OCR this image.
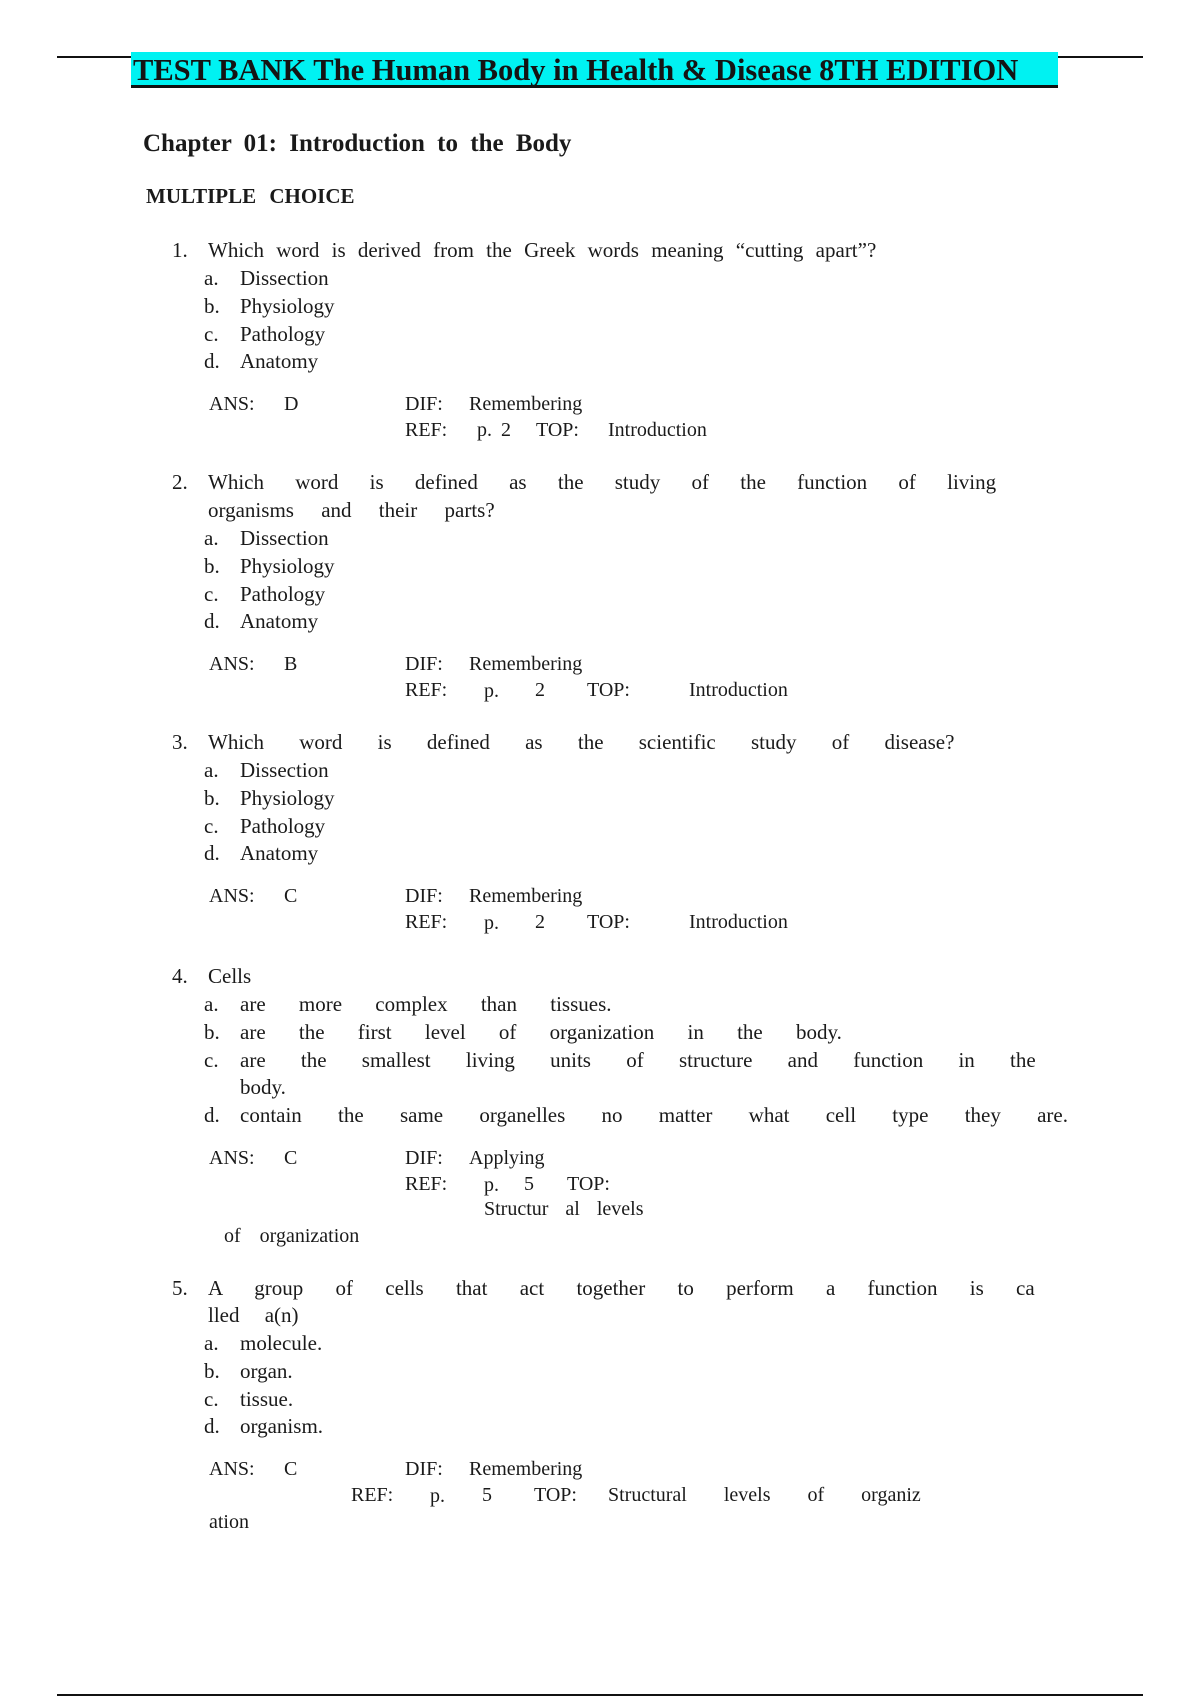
TEST BANK The Human Body in Health & Disease 8TH EDITION
Chapter 01: Introduction to the Body
MULTIPLE CHOICE
1. Which word is derived from the Greek words meaning “cutting apart”?
a. Dissection
b. Physiology
c. Pathology
d. Anatomy
ANS: D	DIF: Remembering
REF: p. 2 TOP: Introduction
2. Which word is defined as the study of the function of living
organisms and their parts?
a. Dissection
b. Physiology
c. Pathology
d. Anatomy
ANS: B	DIF: Remembering
REF: p. 2 TOP:	Introduction
3. Which word is defined as the scientific study of disease?
a. Dissection
b. Physiology
c. Pathology
d. Anatomy
ANS: C	DIF: Remembering
REF: p. 2 TOP:	Introduction
4. Cells
a. are more complex than tissues.
b. are the first level of organization in the body.
c. are the smallest living units of structure and function in the
body.
d. contain the same organelles no matter what cell type they are.
ANS: C	DIF: Applying
REF: p. 5 TOP:
Structur al levels
of organization
5. A group of cells that act together to perform a function is ca
lled a(n)
a. molecule.
b. organ.
c. tissue.
d. organism.
ANS: C	DIF: Remembering
REF: p. 5 TOP: Structural levels of organiz
ation
